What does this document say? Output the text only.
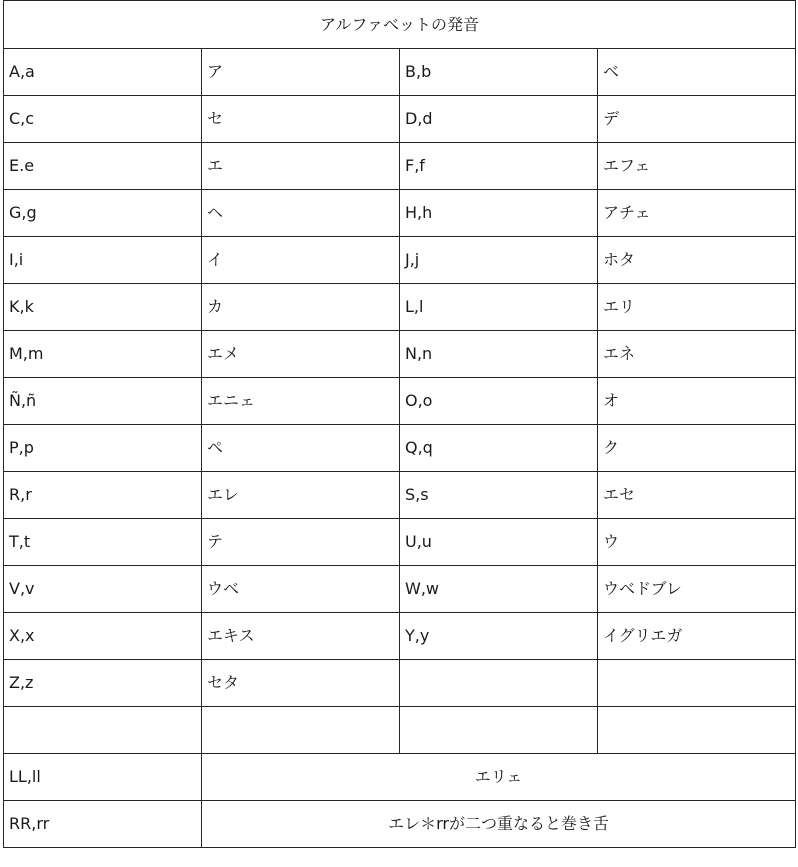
アルファベットの発音			
A,a	ア	B,b	ベ
C,c	セ	D,d	デ
E.e	エ	F,f	エフェ
G,g	ヘ	H,h	アチェ
I,i	イ	J,j	ホタ
K,k	カ	L,l	エリ
M,m	エメ	N,n	エネ
Ñ,ñ	エニェ	O,o	オ
P,p	ペ	Q,q	ク
R,r	エレ	S,s	エセ
T,t	テ	U,u	ウ
V,v	ウベ	W,w	ウベドブレ
X,x	エキス	Y,y	イグリエガ
Z,z	セタ		

LL,ll	エリェ		
RR,rr	エレ＊rrが二つ重なると巻き舌		
